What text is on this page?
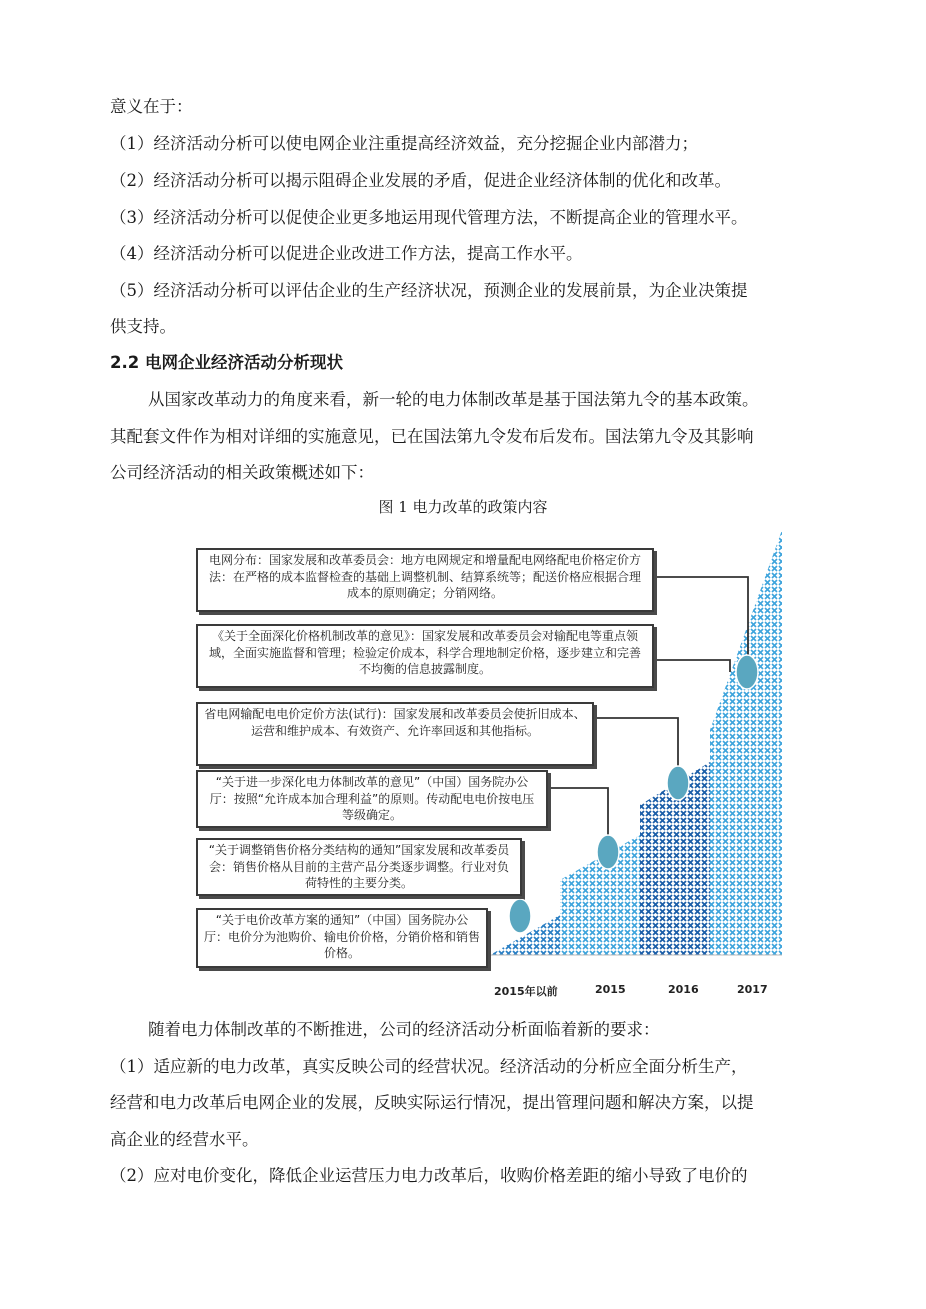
意义在于：
（1）经济活动分析可以使电网企业注重提高经济效益，充分挖掘企业内部潜力；
（2）经济活动分析可以揭示阻碍企业发展的矛盾，促进企业经济体制的优化和改革。
（3）经济活动分析可以促使企业更多地运用现代管理方法，不断提高企业的管理水平。
（4）经济活动分析可以促进企业改进工作方法，提高工作水平。
（5）经济活动分析可以评估企业的生产经济状况，预测企业的发展前景，为企业决策提
供支持。
2.2 电网企业经济活动分析现状
从国家改革动力的角度来看，新一轮的电力体制改革是基于国法第九令的基本政策。
其配套文件作为相对详细的实施意见，已在国法第九令发布后发布。国法第九令及其影响
公司经济活动的相关政策概述如下：
图 1 电力改革的政策内容
电网分布：国家发展和改革委员会：地方电网规定和增量配电网络配电价格定价方法：在严格的成本监督检查的基础上调整机制、结算系统等；配送价格应根据合理成本的原则确定；分销网络。
《关于全面深化价格机制改革的意见》：国家发展和改革委员会对输配电等重点领域，全面实施监督和管理；检验定价成本，科学合理地制定价格，逐步建立和完善不均衡的信息披露制度。
省电网输配电电价定价方法(试行)：国家发展和改革委员会使折旧成本、运营和维护成本、有效资产、允许率回返和其他指标。
“关于进一步深化电力体制改革的意见”（中国）国务院办公厅：按照“允许成本加合理利益”的原则。传动配电电价按电压等级确定。
“关于调整销售价格分类结构的通知”国家发展和改革委员会：销售价格从目前的主营产品分类逐步调整。行业对负荷特性的主要分类。
“关于电价改革方案的通知”（中国）国务院办公厅：电价分为池购价、输电价价格，分销价格和销售价格。
2015年以前	2015	2016	2017
随着电力体制改革的不断推进，公司的经济活动分析面临着新的要求：
（1）适应新的电力改革，真实反映公司的经营状况。经济活动的分析应全面分析生产，
经营和电力改革后电网企业的发展，反映实际运行情况，提出管理问题和解决方案，以提
高企业的经营水平。
（2）应对电价变化，降低企业运营压力电力改革后，收购价格差距的缩小导致了电价的
